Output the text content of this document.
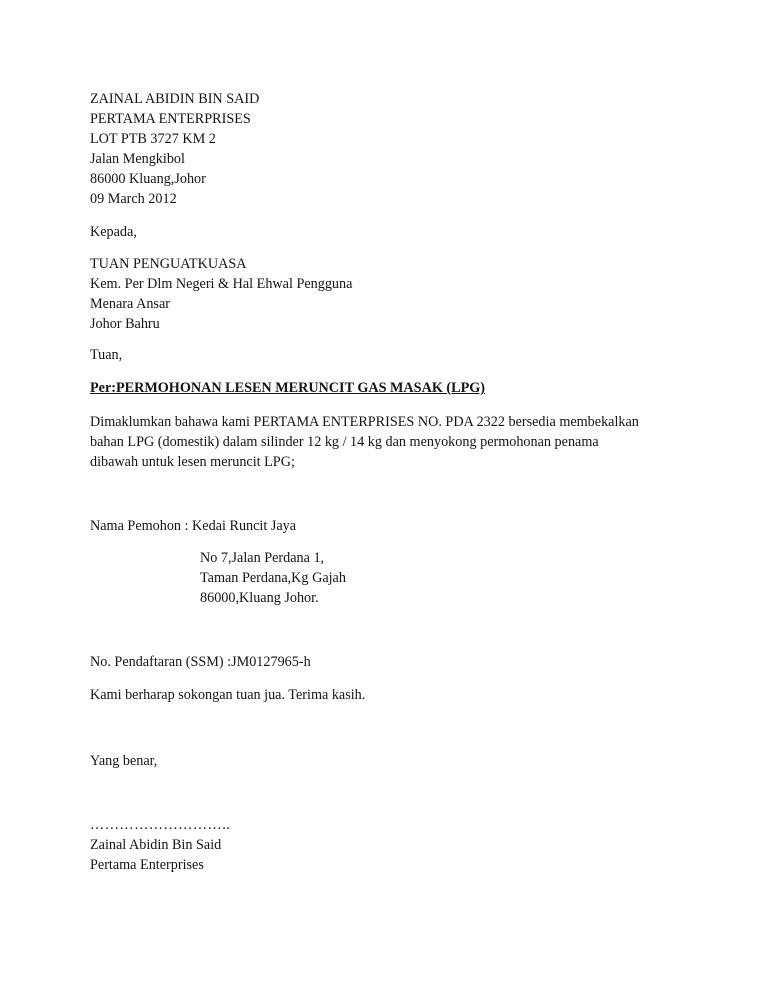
ZAINAL ABIDIN BIN SAID
PERTAMA ENTERPRISES
LOT PTB 3727 KM 2
Jalan Mengkibol
86000 Kluang,Johor
09 March 2012
Kepada,
TUAN PENGUATKUASA
Kem. Per Dlm Negeri & Hal Ehwal Pengguna
Menara Ansar
Johor Bahru
Tuan,
Per:PERMOHONAN LESEN MERUNCIT GAS MASAK (LPG)
Dimaklumkan bahawa kami PERTAMA ENTERPRISES NO. PDA 2322 bersedia membekalkan
bahan LPG (domestik) dalam silinder 12 kg / 14 kg dan menyokong permohonan penama
dibawah untuk lesen meruncit LPG;
Nama Pemohon : Kedai Runcit Jaya
No 7,Jalan Perdana 1,
Taman Perdana,Kg Gajah
86000,Kluang Johor.
No. Pendaftaran (SSM) :JM0127965-h
Kami berharap sokongan tuan jua. Terima kasih.
Yang benar,
………………………..
Zainal Abidin Bin Said
Pertama Enterprises
